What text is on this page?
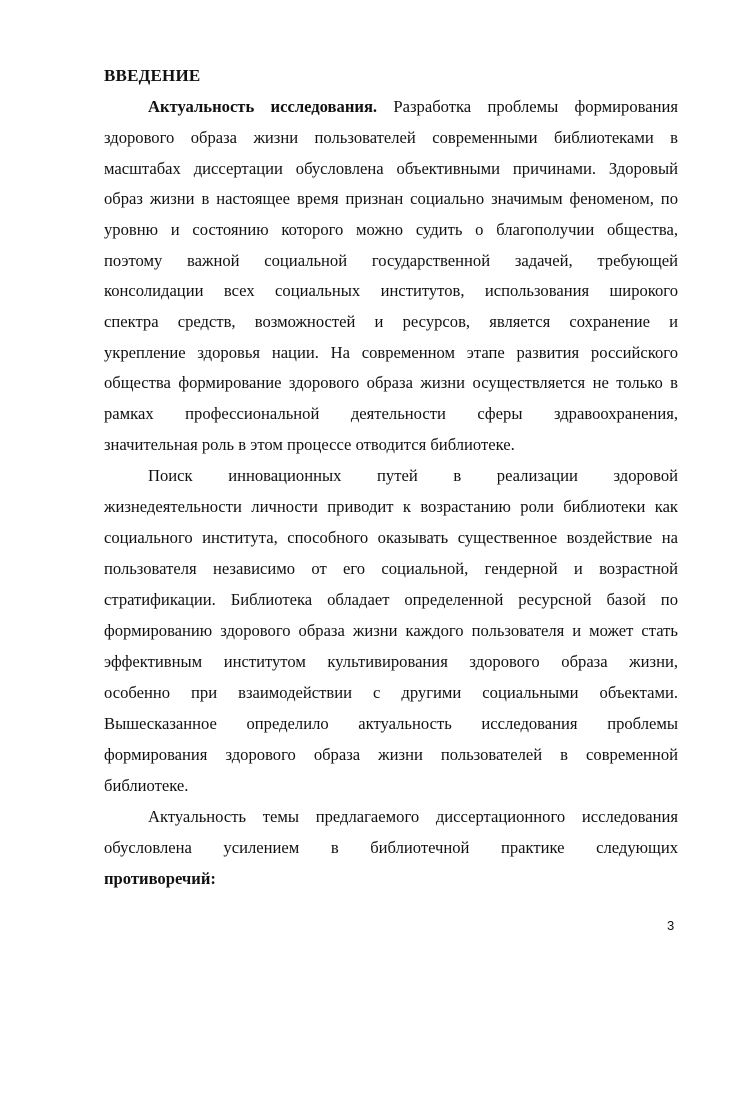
ВВЕДЕНИЕ
Актуальность исследования. Разработка проблемы формирования
здорового образа жизни пользователей современными библиотеками в
масштабах диссертации обусловлена объективными причинами. Здоровый
образ жизни в настоящее время признан социально значимым феноменом, по
уровню и состоянию которого можно судить о благополучии общества,
поэтому важной социальной государственной задачей, требующей
консолидации всех социальных институтов, использования широкого
спектра средств, возможностей и ресурсов, является сохранение и
укрепление здоровья нации. На современном этапе развития российского
общества формирование здорового образа жизни осуществляется не только в
рамках профессиональной деятельности сферы здравоохранения,
значительная роль в этом процессе отводится библиотеке.
Поиск инновационных путей в реализации здоровой
жизнедеятельности личности приводит к возрастанию роли библиотеки как
социального института, способного оказывать существенное воздействие на
пользователя независимо от его социальной, гендерной и возрастной
стратификации. Библиотека обладает определенной ресурсной базой по
формированию здорового образа жизни каждого пользователя и может стать
эффективным институтом культивирования здорового образа жизни,
особенно при взаимодействии с другими социальными объектами.
Вышесказанное определило актуальность исследования проблемы
формирования здорового образа жизни пользователей в современной
библиотеке.
Актуальность темы предлагаемого диссертационного исследования
обусловлена усилением в библиотечной практике следующих
противоречий:
3
